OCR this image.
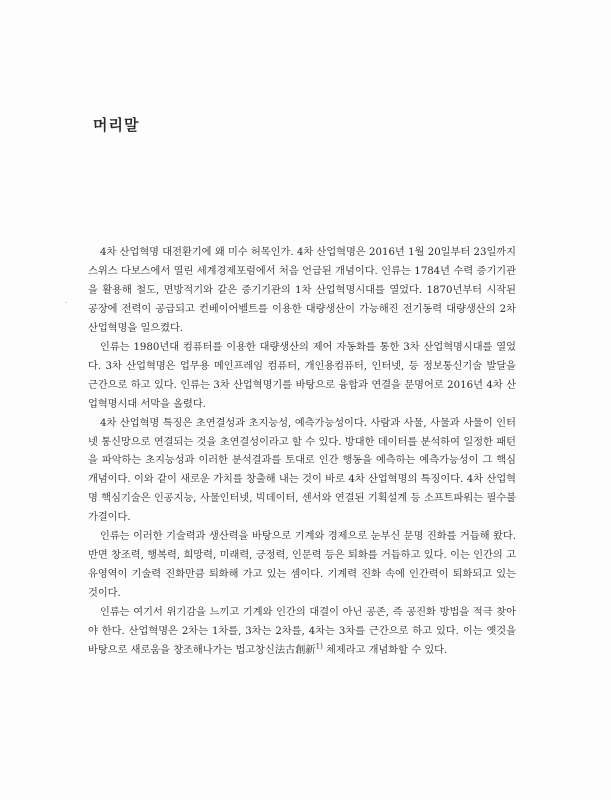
·
머리말

4차 산업혁명 대전환기에 왜 미수 허목인가. 4차 산업혁명은 2016년 1월 20일부터 23일까지 스위스 다보스에서 열린 세계경제포럼에서 처음 언급된 개념이다. 인류는 1784년 수력 증기기관을 활용해 철도, 면방적기와 같은 증기기관의 1차 산업혁명시대를 열었다. 1870년부터 시작된 공장에 전력이 공급되고 컨베이어벨트를 이용한 대량생산이 가능해진 전기동력 대량생산의 2차 산업혁명을 일으켰다.

인류는 1980년대 컴퓨터를 이용한 대량생산의 제어 자동화를 통한 3차 산업혁명시대를 열었다. 3차 산업혁명은 업무용 메인프레임 컴퓨터, 개인용컴퓨터, 인터넷, 등 정보통신기술 발달을 근간으로 하고 있다. 인류는 3차 산업혁명기를 바탕으로 융합과 연결을 문명어로 2016년 4차 산업혁명시대 서막을 올렸다.

4차 산업혁명 특징은 초연결성과 초지능성, 예측가능성이다. 사람과 사물, 사물과 사물이 인터넷 통신망으로 연결되는 것을 초연결성이라고 할 수 있다. 방대한 데이터를 분석하여 일정한 패턴을 파악하는 초지능성과 이러한 분석결과를 토대로 인간 행동을 예측하는 예측가능성이 그 핵심개념이다. 이와 같이 새로운 가치를 창출해 내는 것이 바로 4차 산업혁명의 특징이다. 4차 산업혁명 핵심기술은 인공지능, 사물인터넷, 빅데이터, 센서와 연결된 기획설계 등 소프트파워는 필수불가결이다.

인류는 이러한 기술력과 생산력을 바탕으로 기계와 경제으로 눈부신 문명 진화를 거듭해 왔다. 반면 창조력, 행복력, 희망력, 미래력, 긍정력, 인문력 등은 퇴화를 거듭하고 있다. 이는 인간의 고유영역이 기술력 진화만큼 퇴화해 가고 있는 셈이다. 기계력 진화 속에 인간력이 퇴화되고 있는 것이다.

인류는 여기서 위기감을 느끼고 기계와 인간의 대결이 아닌 공존, 즉 공진화 방법을 적극 찾아야 한다. 산업혁명은 2차는 1차를, 3차는 2차를, 4차는 3차를 근간으로 하고 있다. 이는 옛것을 바탕으로 새로움을 창조해나가는 법고창신法古創新$^{1)}$ 체제라고 개념화할 수 있다.
